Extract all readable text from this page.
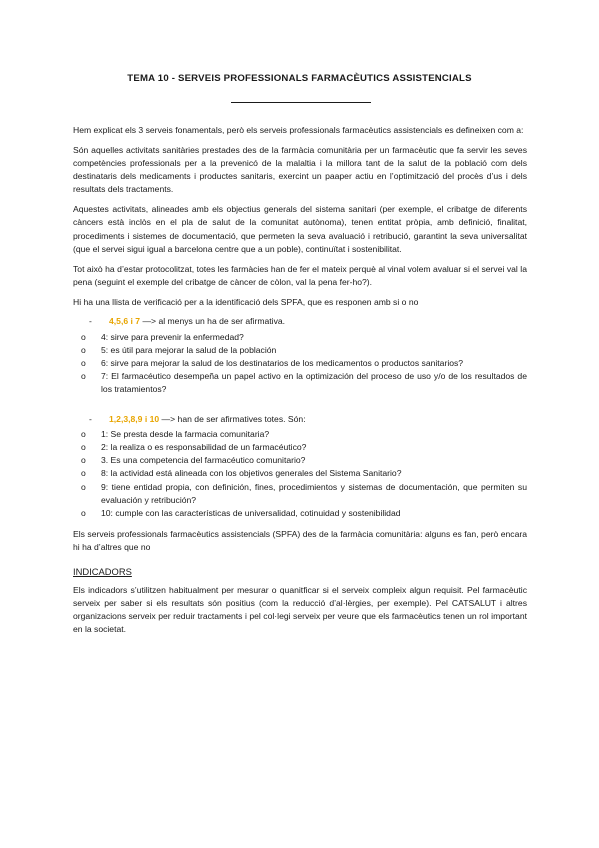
TEMA 10 - SERVEIS PROFESSIONALS FARMACÈUTICS ASSISTENCIALS

Hem explicat els 3 serveis fonamentals, però els serveis professionals farmacèutics assistencials es defineixen com a:

Són aquelles activitats sanitàries prestades des de la farmàcia comunitària per un farmacèutic que fa servir les seves competències professionals per a la prevenicó de la malaltia i la millora tant de la salut de la població com dels destinataris dels medicaments i productes sanitaris, exercint un paaper actiu en l’optimització del procès d’us i dels resultats dels tractaments.

Aquestes activitats, alineades amb els objectius generals del sistema sanitari (per exemple, el cribatge de diferents càncers està inclòs en el pla de salut de la comunitat autònoma), tenen entitat pròpia, amb definició, finalitat, procediments i sistemes de documentació, que permeten la seva avaluació i retribució, garantint la seva universalitat (que el servei sigui igual a barcelona centre que a un poble), continuïtat i sostenibilitat.

Tot això ha d’estar protocolitzat, totes les farmàcies han de fer el mateix perquè al vinal volem avaluar si el servei val la pena (seguint el exemple del cribatge de càncer de còlon, val la pena fer-ho?).

Hi ha una llista de verificació per a la identificació dels SPFA, que es responen amb si o no

- 4,5,6 i 7 —> al menys un ha de ser afirmativa.
o 4: sirve para prevenir la enfermedad?
o 5: es útil para mejorar la salud de la población
o 6: sirve para mejorar la salud de los destinatarios de los medicamentos o productos sanitarios?
o 7: El farmacéutico desempeña un papel activo en la optimización del proceso de uso y/o de los resultados de los tratamientos?
- 1,2,3,8,9 i 10 —> han de ser afirmatives totes. Són:
o 1: Se presta desde la farmacia comunitaria?
o 2: la realiza o es responsabilidad de un farmacéutico?
o 3. Es una competencia del farmacéutico comunitario?
o 8: la actividad está alineada con los objetivos generales del Sistema Sanitario?
o 9: tiene entidad propia, con definición, fines, procedimientos y sistemas de documentación, que permiten su evaluación y retribución?
o 10: cumple con las características de universalidad, cotinuidad y sostenibilidad

Els serveis professionals farmacèutics assistencials (SPFA) des de la farmàcia comunitària: alguns es fan, però encara hi ha d’altres que no

INDICADORS

Els indicadors s’utilitzen habitualment per mesurar o quanitficar si el serveix compleix algun requisit. Pel farmacèutic serveix per saber si els resultats són positius (com la reducció d’al·lèrgies, per exemple). Pel CATSALUT i altres organizacions serveix per reduir tractaments i pel col·legi serveix per veure que els farmacèutics tenen un rol important en la societat.
